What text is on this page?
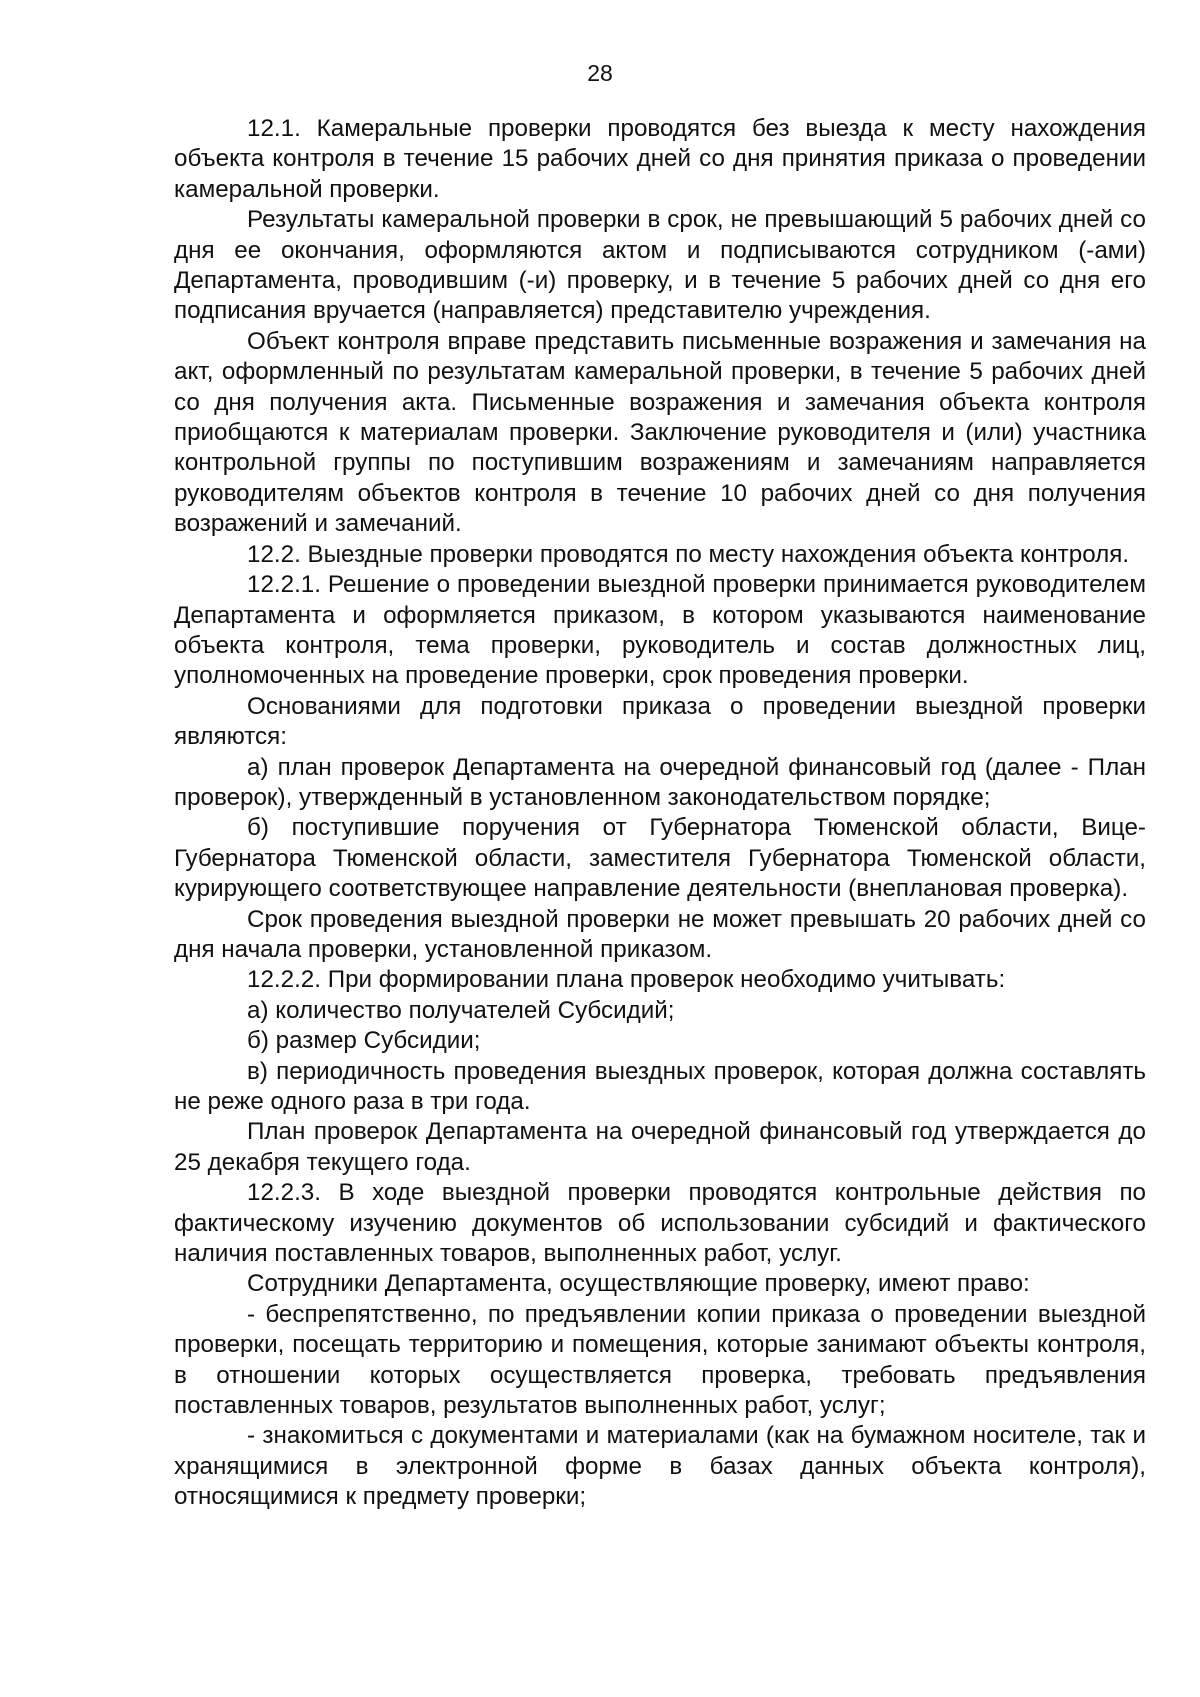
28

12.1. Камеральные проверки проводятся без выезда к месту нахождения объекта контроля в течение 15 рабочих дней со дня принятия приказа о проведении камеральной проверки.

Результаты камеральной проверки в срок, не превышающий 5 рабочих дней со дня ее окончания, оформляются актом и подписываются сотрудником (-ами) Департамента, проводившим (-и) проверку, и в течение 5 рабочих дней со дня его подписания вручается (направляется) представителю учреждения.

Объект контроля вправе представить письменные возражения и замечания на акт, оформленный по результатам камеральной проверки, в течение 5 рабочих дней со дня получения акта. Письменные возражения и замечания объекта контроля приобщаются к материалам проверки. Заключение руководителя и (или) участника контрольной группы по поступившим возражениям и замечаниям направляется руководителям объектов контроля в течение 10 рабочих дней со дня получения возражений и замечаний.

12.2. Выездные проверки проводятся по месту нахождения объекта контроля.

12.2.1. Решение о проведении выездной проверки принимается руководителем Департамента и оформляется приказом, в котором указываются наименование объекта контроля, тема проверки, руководитель и состав должностных лиц, уполномоченных на проведение проверки, срок проведения проверки.

Основаниями для подготовки приказа о проведении выездной проверки являются:

а) план проверок Департамента на очередной финансовый год (далее - План проверок), утвержденный в установленном законодательством порядке;

б) поступившие поручения от Губернатора Тюменской области, Вице-Губернатора Тюменской области, заместителя Губернатора Тюменской области, курирующего соответствующее направление деятельности (внеплановая проверка).

Срок проведения выездной проверки не может превышать 20 рабочих дней со дня начала проверки, установленной приказом.

12.2.2. При формировании плана проверок необходимо учитывать:

а) количество получателей Субсидий;

б) размер Субсидии;

в) периодичность проведения выездных проверок, которая должна составлять не реже одного раза в три года.

План проверок Департамента на очередной финансовый год утверждается до 25 декабря текущего года.

12.2.3. В ходе выездной проверки проводятся контрольные действия по фактическому изучению документов об использовании субсидий и фактического наличия поставленных товаров, выполненных работ, услуг.

Сотрудники Департамента, осуществляющие проверку, имеют право:

- беспрепятственно, по предъявлении копии приказа о проведении выездной проверки, посещать территорию и помещения, которые занимают объекты контроля, в отношении которых осуществляется проверка, требовать предъявления поставленных товаров, результатов выполненных работ, услуг;

- знакомиться с документами и материалами (как на бумажном носителе, так и хранящимися в электронной форме в базах данных объекта контроля), относящимися к предмету проверки;
